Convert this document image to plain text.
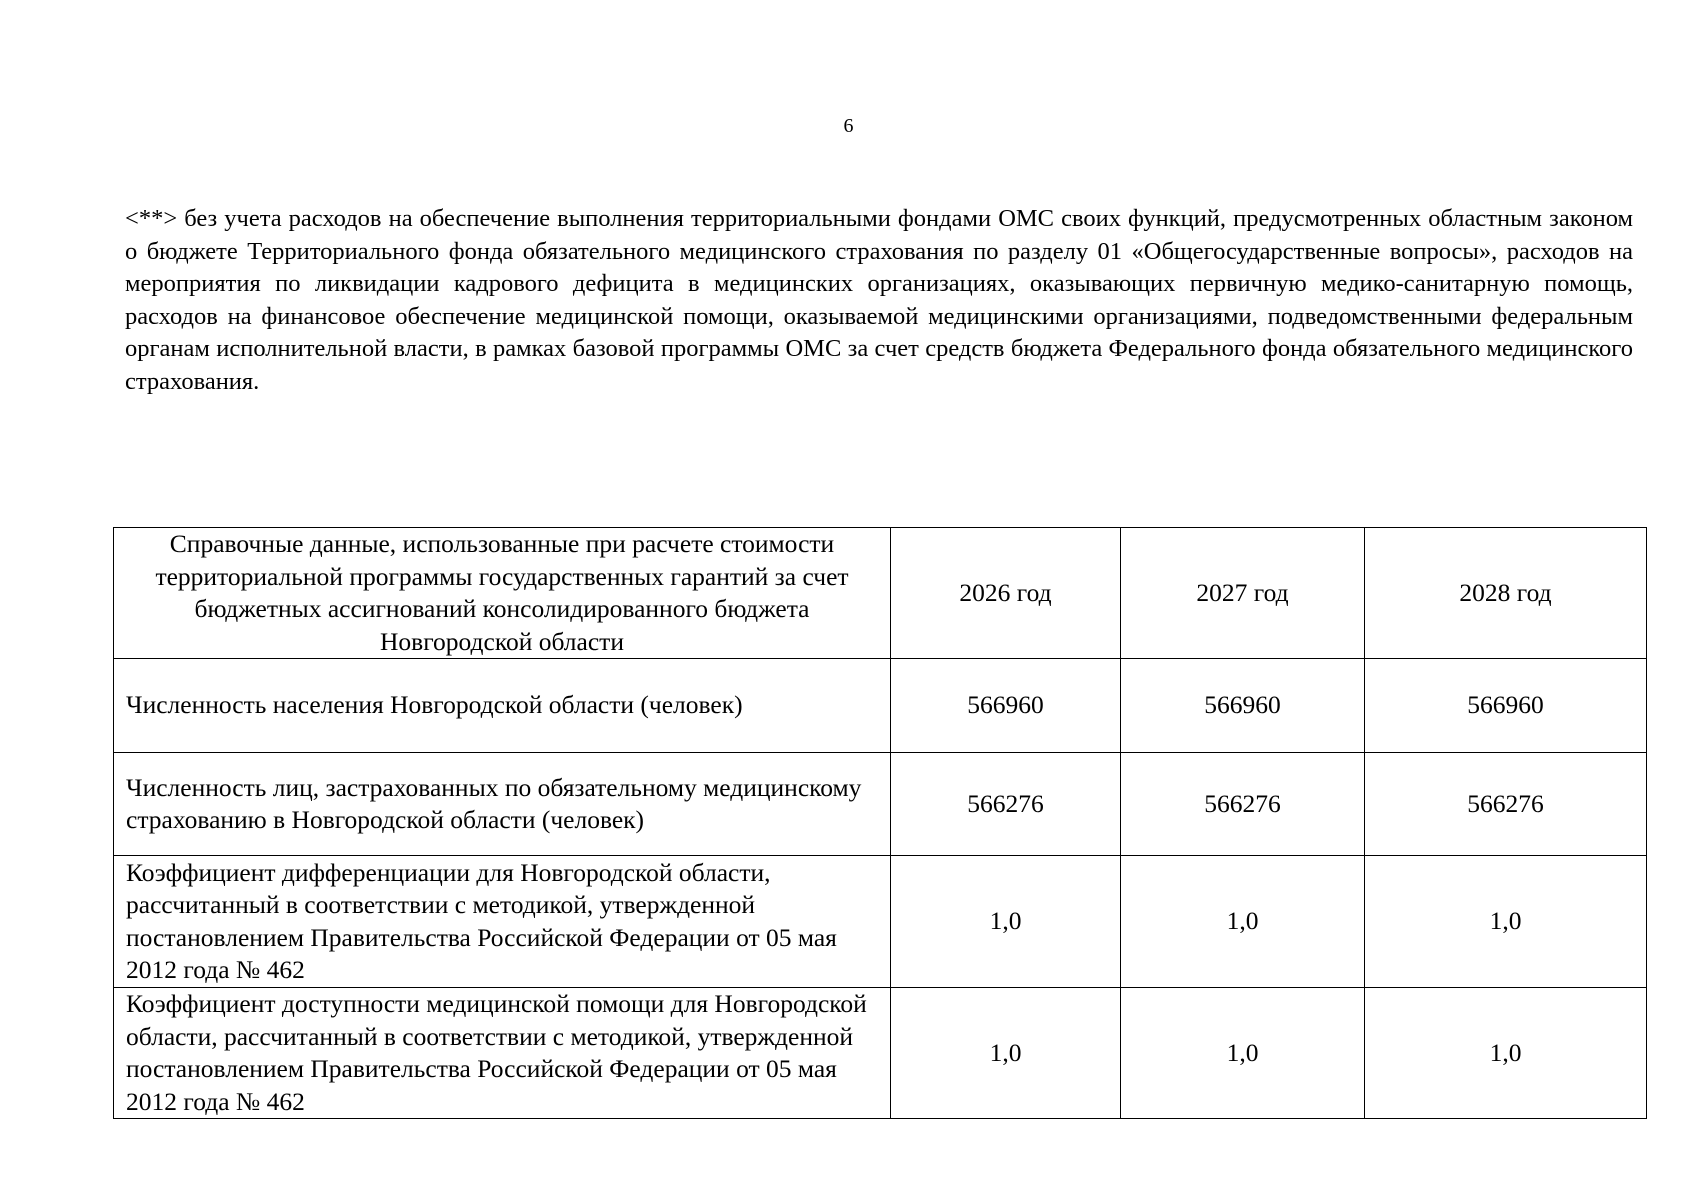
6

<**> без учета расходов на обеспечение выполнения территориальными фондами ОМС своих функций, предусмотренных областным законом о бюджете Территориального фонда обязательного медицинского страхования по разделу 01 «Общегосударственные вопросы», расходов на мероприятия по ликвидации кадрового дефицита в медицинских организациях, оказывающих первичную медико-санитарную помощь, расходов на финансовое обеспечение медицинской помощи, оказываемой медицинскими организациями, подведомственными федеральным органам исполнительной власти, в рамках базовой программы ОМС за счет средств бюджета Федерального фонда обязательного медицинского страхования.

Справочные данные, использованные при расчете стоимости территориальной программы государственных гарантий за счет бюджетных ассигнований консолидированного бюджета Новгородской области	2026 год	2027 год	2028 год
Численность населения Новгородской области (человек)	566960	566960	566960
Численность лиц, застрахованных по обязательному медицинскому страхованию в Новгородской области (человек)	566276	566276	566276
Коэффициент дифференциации для Новгородской области, рассчитанный в соответствии с методикой, утвержденной постановлением Правительства Российской Федерации от 05 мая 2012 года № 462	1,0	1,0	1,0
Коэффициент доступности медицинской помощи для Новгородской области, рассчитанный в соответствии с методикой, утвержденной постановлением Правительства Российской Федерации от 05 мая 2012 года № 462	1,0	1,0	1,0
